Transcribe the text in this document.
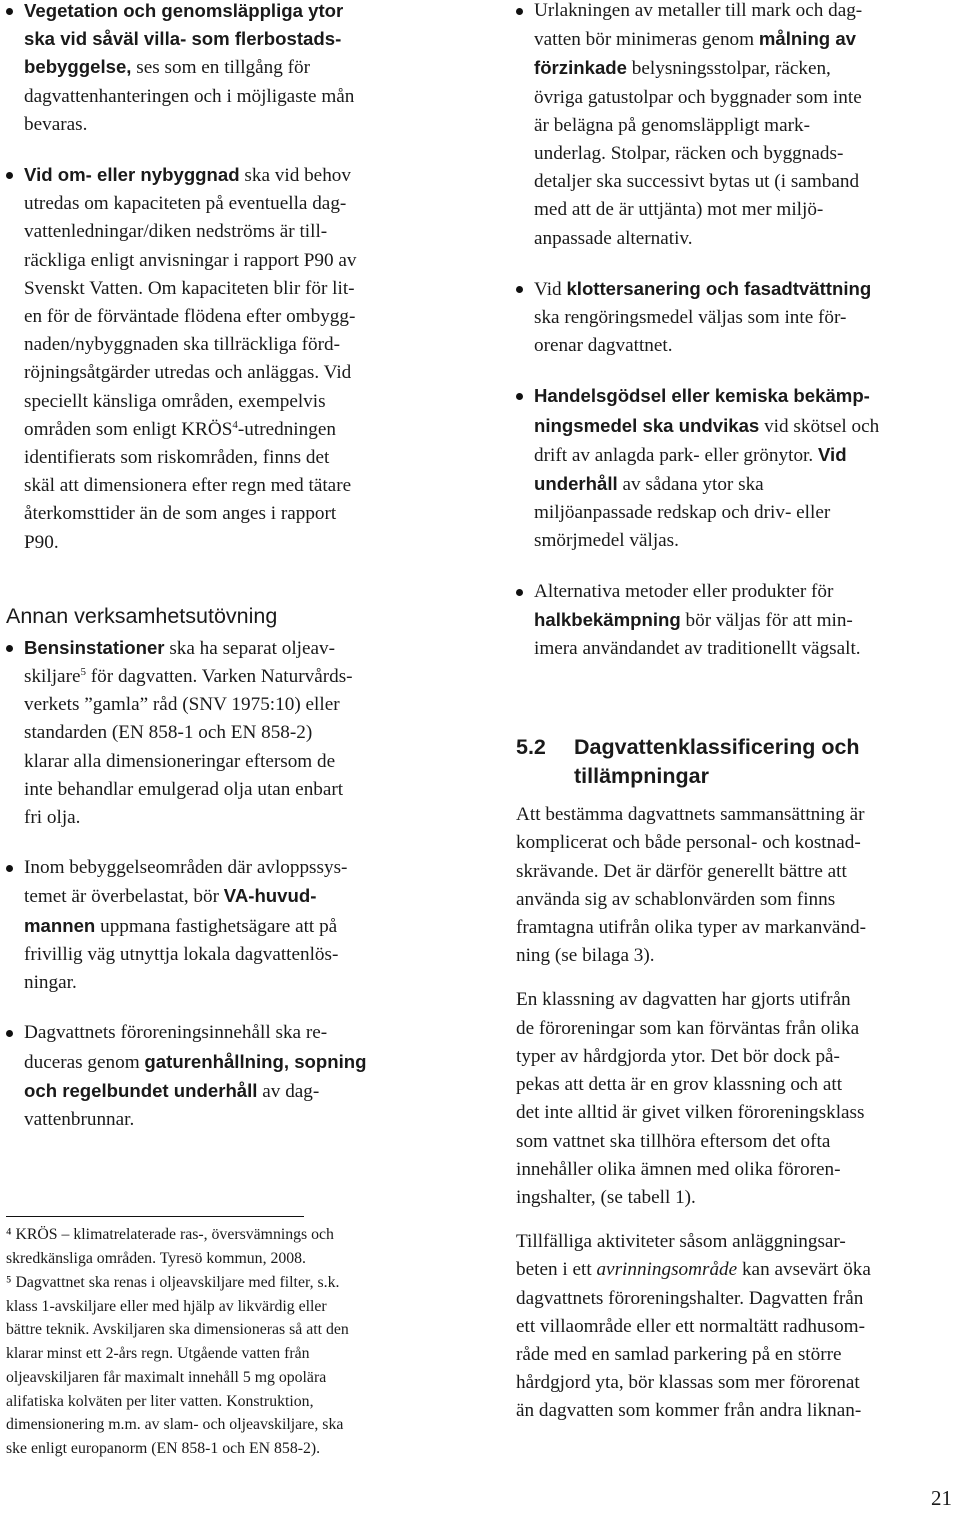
Vegetation och genomsläppliga ytor
ska vid såväl villa- som flerbostads-
bebyggelse, ses som en tillgång för
dagvattenhanteringen och i möjligaste mån
bevaras.
Vid om- eller nybyggnad ska vid behov
utredas om kapaciteten på eventuella dag-
vattenledningar/diken nedströms är till-
räckliga enligt anvisningar i rapport P90 av
Svenskt Vatten. Om kapaciteten blir för lit-
en för de förväntade flödena efter ombygg-
naden/nybyggnaden ska tillräckliga förd-
röjningsåtgärder utredas och anläggas. Vid
speciellt känsliga områden, exempelvis
områden som enligt KRÖS$^4$-utredningen
identifierats som riskområden, finns det
skäl att dimensionera efter regn med tätare
återkomsttider än de som anges i rapport
P90.
Annan verksamhetsutövning
Bensinstationer ska ha separat oljeav-
skiljare$^5$ för dagvatten. Varken Naturvårds-
verkets ”gamla” råd (SNV 1975:10) eller
standarden (EN 858-1 och EN 858-2)
klarar alla dimensioneringar eftersom de
inte behandlar emulgerad olja utan enbart
fri olja.
Inom bebyggelseområden där avloppssys-
temet är överbelastat, bör VA-huvud-
mannen uppmana fastighetsägare att på
frivillig väg utnyttja lokala dagvattenlös-
ningar.
Dagvattnets föroreningsinnehåll ska re-
duceras genom gaturenhållning, sopning
och regelbundet underhåll av dag-
vattenbrunnar.
⁴ KRÖS – klimatrelaterade ras-, översvämnings och
skredkänsliga områden. Tyresö kommun, 2008.
⁵ Dagvattnet ska renas i oljeavskiljare med filter, s.k.
klass 1-avskiljare eller med hjälp av likvärdig eller
bättre teknik. Avskiljaren ska dimensioneras så att den
klarar minst ett 2-års regn. Utgående vatten från
oljeavskiljaren får maximalt innehåll 5 mg opolära
alifatiska kolväten per liter vatten. Konstruktion,
dimensionering m.m. av slam- och oljeavskiljare, ska
ske enligt europanorm (EN 858-1 och EN 858-2).
Urlakningen av metaller till mark och dag-
vatten bör minimeras genom målning av
förzinkade belysningsstolpar, räcken,
övriga gatustolpar och byggnader som inte
är belägna på genomsläppligt mark-
underlag. Stolpar, räcken och byggnads-
detaljer ska successivt bytas ut (i samband
med att de är uttjänta) mot mer miljö-
anpassade alternativ.
Vid klottersanering och fasadtvättning
ska rengöringsmedel väljas som inte för-
orenar dagvattnet.
Handelsgödsel eller kemiska bekämp-
ningsmedel ska undvikas vid skötsel och
drift av anlagda park- eller grönytor. Vid
underhåll av sådana ytor ska
miljöanpassade redskap och driv- eller
smörjmedel väljas.
Alternativa metoder eller produkter för
halkbekämpning bör väljas för att min-
imera användandet av traditionellt vägsalt.
5.2 Dagvattenklassificering och
tillämpningar
Att bestämma dagvattnets sammansättning är
komplicerat och både personal- och kostnad-
skrävande. Det är därför generellt bättre att
använda sig av schablonvärden som finns
framtagna utifrån olika typer av markanvänd-
ning (se bilaga 3).
En klassning av dagvatten har gjorts utifrån
de föroreningar som kan förväntas från olika
typer av hårdgjorda ytor. Det bör dock på-
pekas att detta är en grov klassning och att
det inte alltid är givet vilken föroreningsklass
som vattnet ska tillhöra eftersom det ofta
innehåller olika ämnen med olika föroren-
ingshalter, (se tabell 1).
Tillfälliga aktiviteter såsom anläggningsar-
beten i ett avrinningsområde kan avsevärt öka
dagvattnets föroreningshalter. Dagvatten från
ett villaområde eller ett normaltätt radhusom-
råde med en samlad parkering på en större
hårdgjord yta, bör klassas som mer förorenat
än dagvatten som kommer från andra liknan-
21
